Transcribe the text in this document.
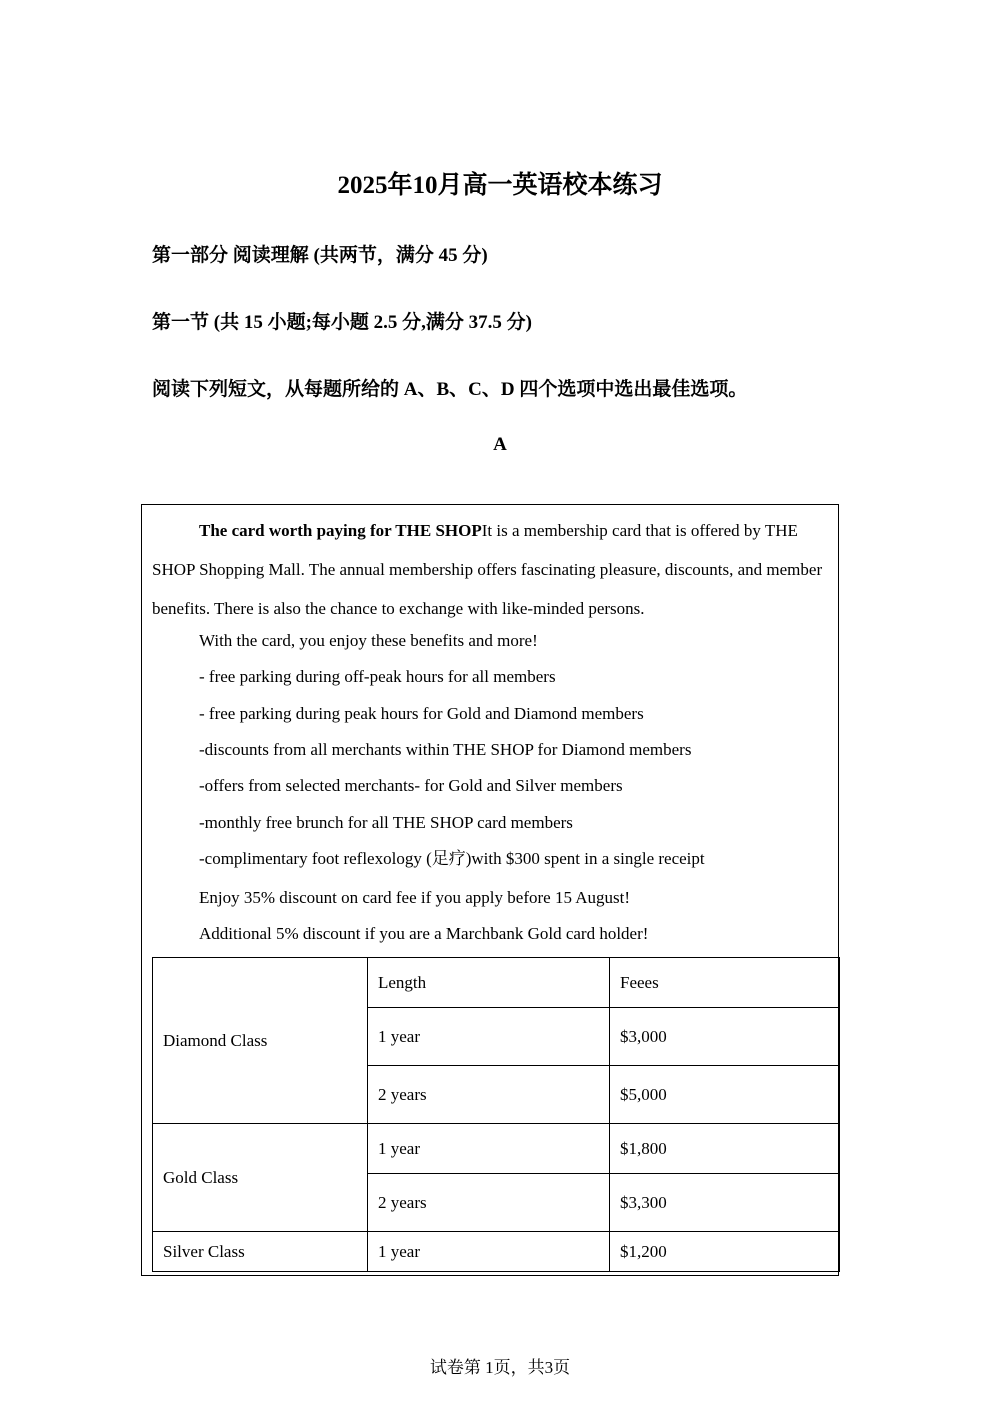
2025年10月高一英语校本练习
第一部分 阅读理解 (共两节，满分 45 分)
第一节 (共 15 小题;每小题 2.5 分,满分 37.5 分)
阅读下列短文，从每题所给的 A、B、C、D 四个选项中选出最佳选项。
A
The card worth paying for THE SHOPIt is a membership card that is offered by THE SHOP Shopping Mall. The annual membership offers fascinating pleasure, discounts, and member benefits. There is also the chance to exchange with like-minded persons.
With the card, you enjoy these benefits and more!
- free parking during off-peak hours for all members
- free parking during peak hours for Gold and Diamond members
-discounts from all merchants within THE SHOP for Diamond members
-offers from selected merchants- for Gold and Silver members
-monthly free brunch for all THE SHOP card members
-complimentary foot reflexology (足疗)with $300 spent in a single receipt
Enjoy 35% discount on card fee if you apply before 15 August!
Additional 5% discount if you are a Marchbank Gold card holder!
Diamond Class	Length	Feees
	1 year	$3,000
	2 years	$5,000
Gold Class	1 year	$1,800
	2 years	$3,300
Silver Class	1 year	$1,200
试卷第 1页，共3页
